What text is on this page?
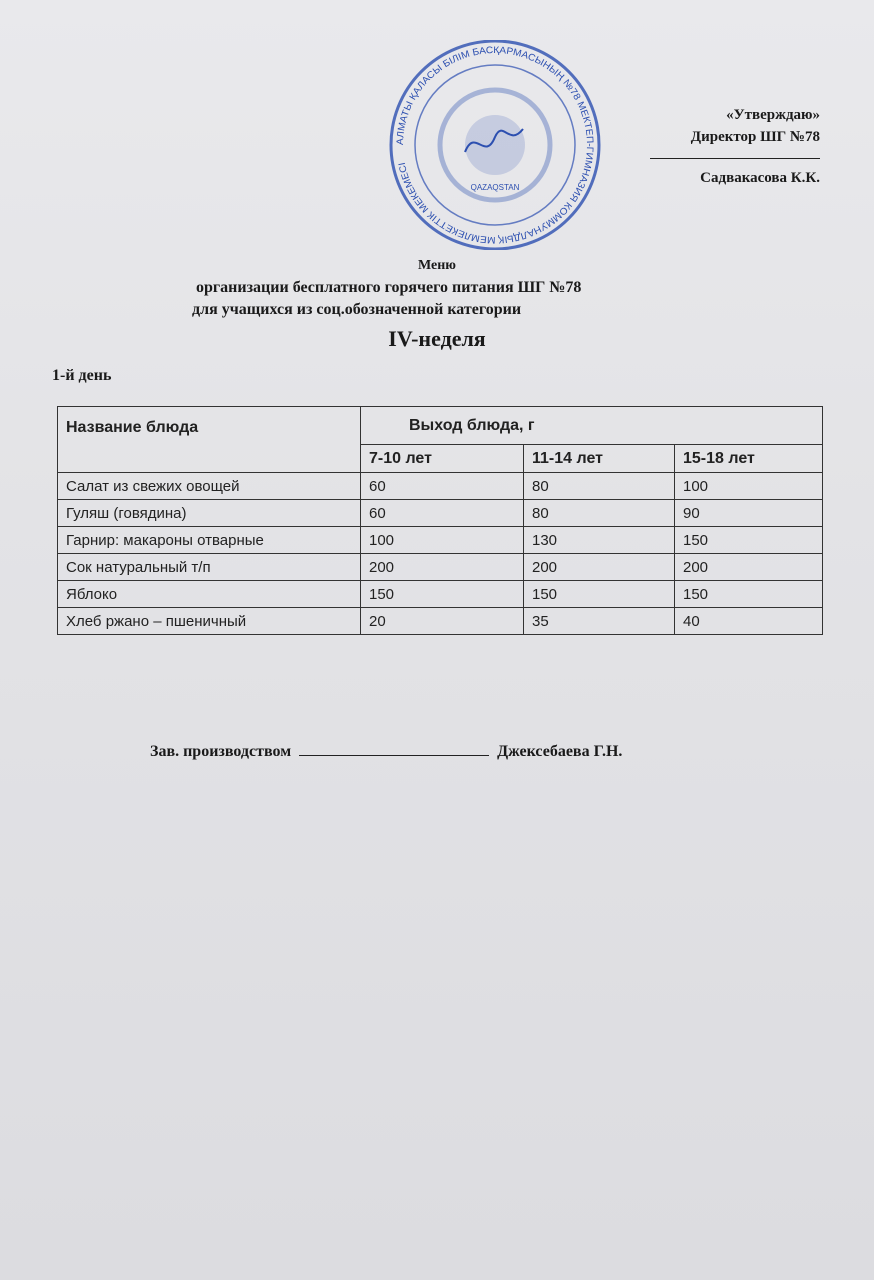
АЛМАТЫ ҚАЛАСЫ БІЛІМ БАСҚАРМАСЫНЫҢ №78 МЕКТЕП-ГИМНАЗИЯ КОММУНАЛДЫҚ МЕМЛЕКЕТТІК МЕКЕМЕСІ
QAZAQSTAN
«Утверждаю»
Директор ШГ №78
Садвакасова К.К.
Меню
организации бесплатного горячего питания ШГ №78
для учащихся из соц.обозначенной категории
IV-неделя
1-й день
Название блюда	Выход блюда, г		
	7-10 лет	11-14 лет	15-18 лет
Салат из свежих овощей	60	80	100
Гуляш (говядина)	60	80	90
Гарнир: макароны отварные	100	130	150
Сок натуральный т/п	200	200	200
Яблоко	150	150	150
Хлеб ржано – пшеничный	20	35	40
Зав. производством	Джексебаева Г.Н.
